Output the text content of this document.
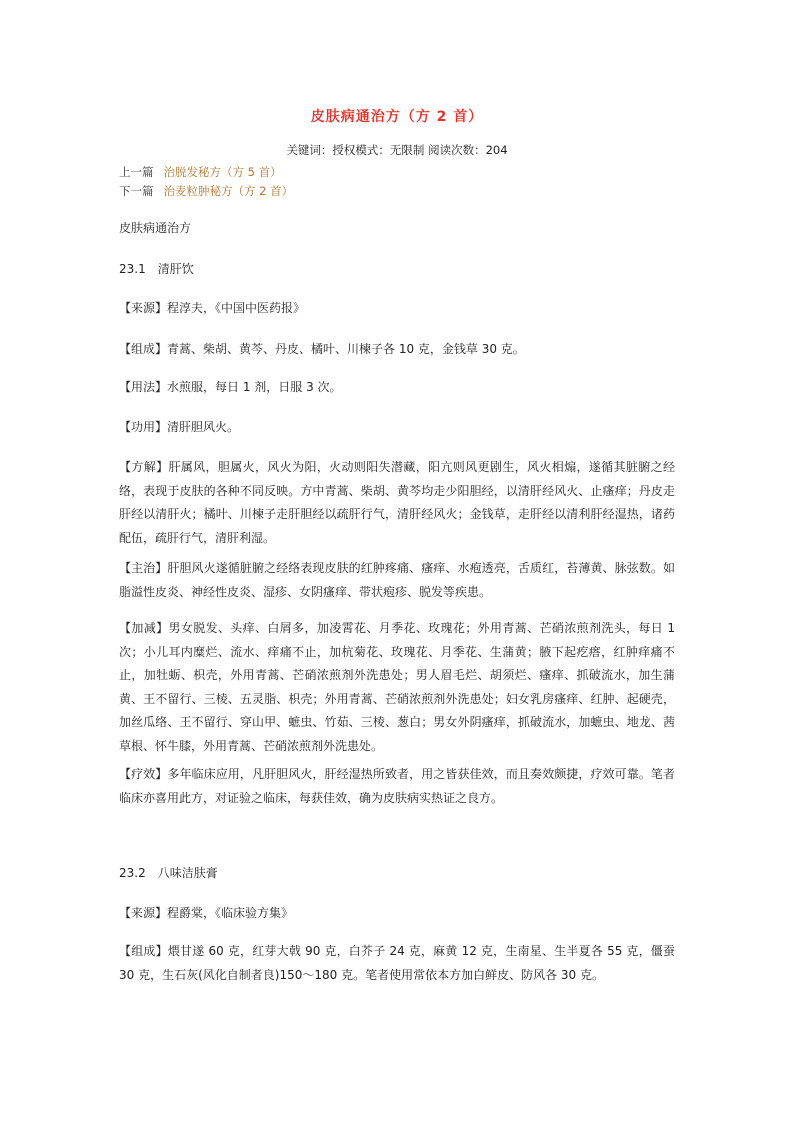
皮肤病通治方（方 2 首）
关键词：授权模式：无限制 阅读次数：204
上一篇 治脱发秘方（方 5 首）
下一篇 治麦粒肿秘方（方 2 首）

皮肤病通治方

23.1　清肝饮

【来源】程淳夫，《中国中医药报》

【组成】青蒿、柴胡、黄芩、丹皮、橘叶、川楝子各 10 克，金钱草 30 克。

【用法】水煎服，每日 1 剂，日服 3 次。

【功用】清肝胆风火。

【方解】肝属风，胆属火，风火为阳，火动则阳失潜藏，阳亢则风更剧生，风火相煽，遂循其脏腑之经络，表现于皮肤的各种不同反映。方中青蒿、柴胡、黄芩均走少阳胆经，以清肝经风火、止瘙痒；丹皮走肝经以清肝火；橘叶、川楝子走肝胆经以疏肝行气，清肝经风火；金钱草，走肝经以清利肝经湿热，诸药配伍，疏肝行气，清肝利湿。

【主治】肝胆风火遂循脏腑之经络表现皮肤的红肿疼痛、瘙痒、水疱透亮，舌质红，苔薄黄、脉弦数。如脂溢性皮炎、神经性皮炎、湿疹、女阴瘙痒、带状疱疹、脱发等疾患。

【加减】男女脱发、头痒、白屑多，加凌霄花、月季花、玫瑰花；外用青蒿、芒硝浓煎剂洗头，每日 1 次；小儿耳内糜烂、流水、痒痛不止，加杭菊花、玫瑰花、月季花、生蒲黄；腋下起疙瘩，红肿痒痛不止，加牡蛎、枳壳，外用青蒿、芒硝浓煎剂外洗患处；男人眉毛烂、胡须烂、瘙痒、抓破流水，加生蒲黄、王不留行、三棱、五灵脂、枳壳；外用青蒿、芒硝浓煎剂外洗患处；妇女乳房瘙痒、红肿、起硬壳，加丝瓜络、王不留行、穿山甲、蟅虫、竹茹、三棱、葱白；男女外阴瘙痒，抓破流水，加蟅虫、地龙、茜草根、怀牛膝，外用青蒿、芒硝浓煎剂外洗患处。

【疗效】多年临床应用，凡肝胆风火，肝经湿热所致者，用之皆获佳效，而且奏效颇捷，疗效可靠。笔者临床亦喜用此方，对证验之临床，每获佳效，确为皮肤病实热证之良方。

23.2　八味洁肤膏

【来源】程爵棠，《临床验方集》

【组成】煨甘遂 60 克，红芽大戟 90 克，白芥子 24 克，麻黄 12 克，生南星、生半夏各 55 克，僵蚕 30 克，生石灰(风化自制者良)150～180 克。笔者使用常依本方加白鲜皮、防风各 30 克。
